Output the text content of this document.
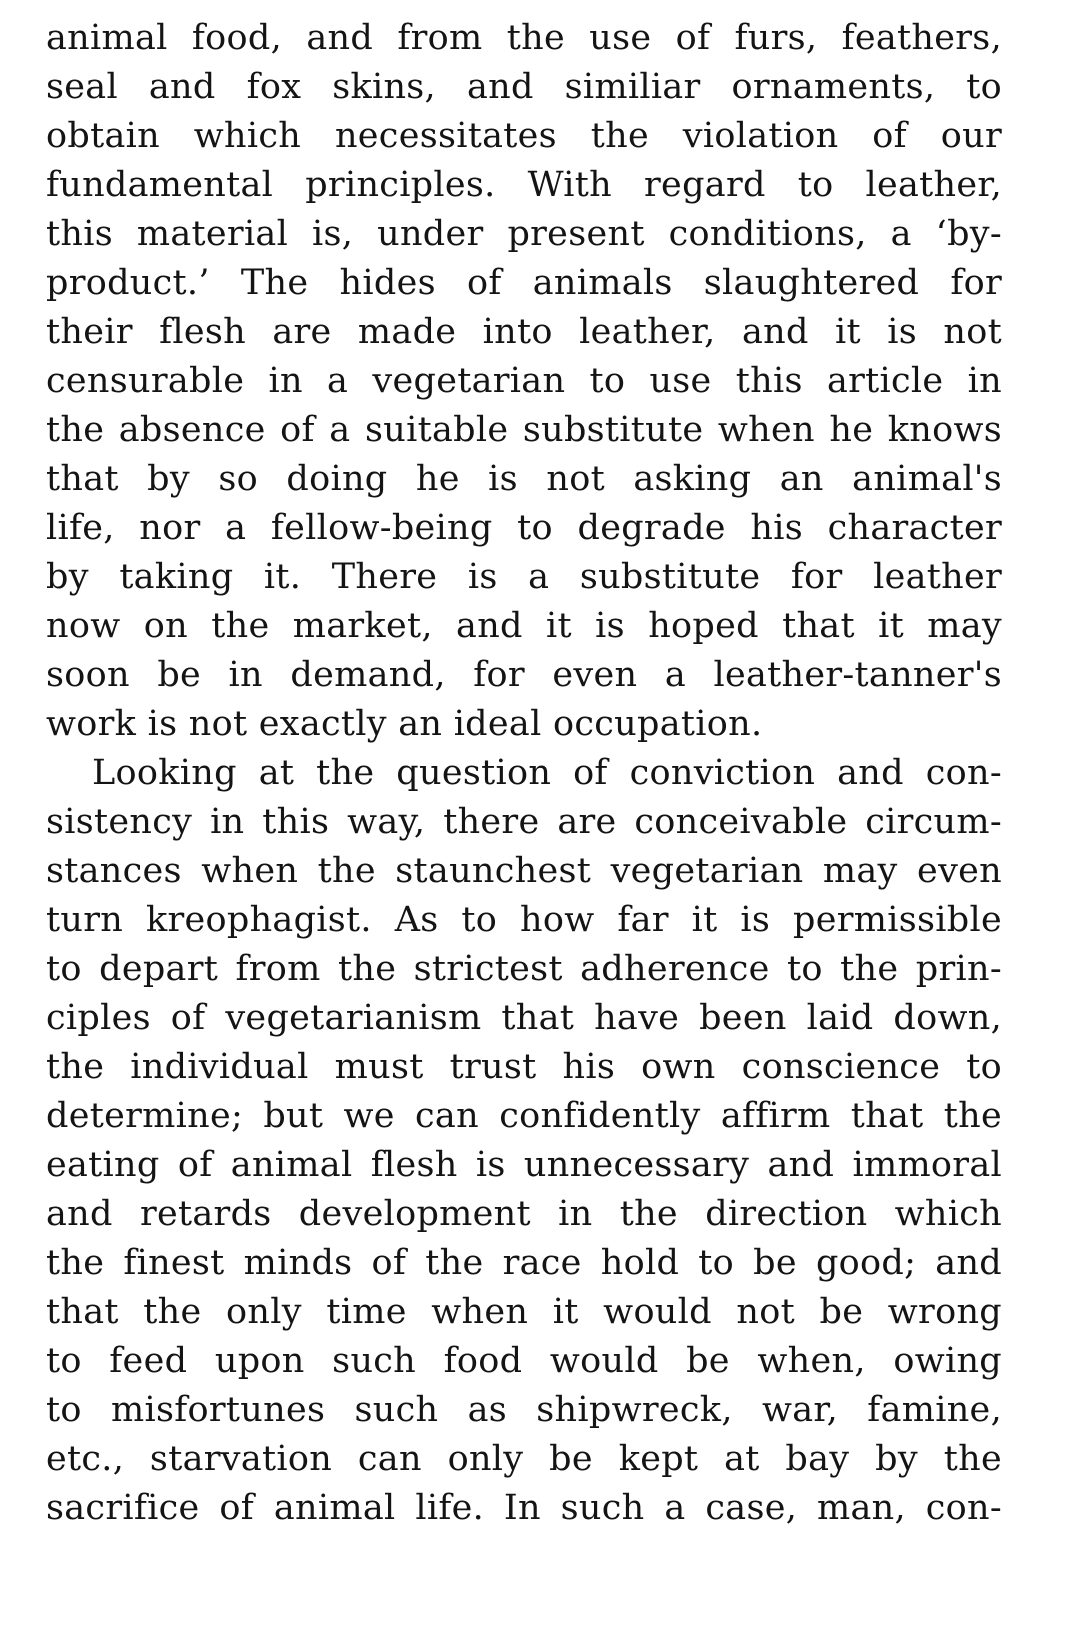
animal food, and from the use of furs, feathers,
seal and fox skins, and similiar ornaments, to
obtain which necessitates the violation of our
fundamental principles. With regard to leather,
this material is, under present conditions, a ‘by-
product.’ The hides of animals slaughtered for
their flesh are made into leather, and it is not
censurable in a vegetarian to use this article in
the absence of a suitable substitute when he knows
that by so doing he is not asking an animal's
life, nor a fellow-being to degrade his character
by taking it. There is a substitute for leather
now on the market, and it is hoped that it may
soon be in demand, for even a leather-tanner's
work is not exactly an ideal occupation.
Looking at the question of conviction and con-
sistency in this way, there are conceivable circum-
stances when the staunchest vegetarian may even
turn kreophagist. As to how far it is permissible
to depart from the strictest adherence to the prin-
ciples of vegetarianism that have been laid down,
the individual must trust his own conscience to
determine; but we can confidently affirm that the
eating of animal flesh is unnecessary and immoral
and retards development in the direction which
the finest minds of the race hold to be good; and
that the only time when it would not be wrong
to feed upon such food would be when, owing
to misfortunes such as shipwreck, war, famine,
etc., starvation can only be kept at bay by the
sacrifice of animal life. In such a case, man, con-
